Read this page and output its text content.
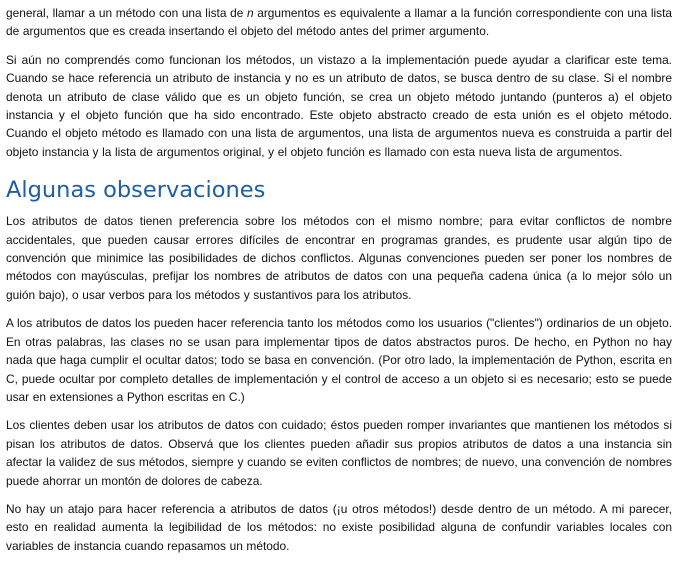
general, llamar a un método con una lista de n argumentos es equivalente a llamar a la función correspondiente con una lista de argumentos que es creada insertando el objeto del método antes del primer argumento.

Si aún no comprendés como funcionan los métodos, un vistazo a la implementación puede ayudar a clarificar este tema. Cuando se hace referencia un atributo de instancia y no es un atributo de datos, se busca dentro de su clase. Si el nombre denota un atributo de clase válido que es un objeto función, se crea un objeto método juntando (punteros a) el objeto instancia y el objeto función que ha sido encontrado. Este objeto abstracto creado de esta unión es el objeto método. Cuando el objeto método es llamado con una lista de argumentos, una lista de argumentos nueva es construida a partir del objeto instancia y la lista de argumentos original, y el objeto función es llamado con esta nueva lista de argumentos.

Algunas observaciones

Los atributos de datos tienen preferencia sobre los métodos con el mismo nombre; para evitar conflictos de nombre accidentales, que pueden causar errores difíciles de encontrar en programas grandes, es prudente usar algún tipo de convención que minimice las posibilidades de dichos conflictos. Algunas convenciones pueden ser poner los nombres de métodos con mayúsculas, prefijar los nombres de atributos de datos con una pequeña cadena única (a lo mejor sólo un guión bajo), o usar verbos para los métodos y sustantivos para los atributos.

A los atributos de datos los pueden hacer referencia tanto los métodos como los usuarios ("clientes") ordinarios de un objeto. En otras palabras, las clases no se usan para implementar tipos de datos abstractos puros. De hecho, en Python no hay nada que haga cumplir el ocultar datos; todo se basa en convención. (Por otro lado, la implementación de Python, escrita en C, puede ocultar por completo detalles de implementación y el control de acceso a un objeto si es necesario; esto se puede usar en extensiones a Python escritas en C.)

Los clientes deben usar los atributos de datos con cuidado; éstos pueden romper invariantes que mantienen los métodos si pisan los atributos de datos. Observá que los clientes pueden añadir sus propios atributos de datos a una instancia sin afectar la validez de sus métodos, siempre y cuando se eviten conflictos de nombres; de nuevo, una convención de nombres puede ahorrar un montón de dolores de cabeza.

No hay un atajo para hacer referencia a atributos de datos (¡u otros métodos!) desde dentro de un método. A mi parecer, esto en realidad aumenta la legibilidad de los métodos: no existe posibilidad alguna de confundir variables locales con variables de instancia cuando repasamos un método.
